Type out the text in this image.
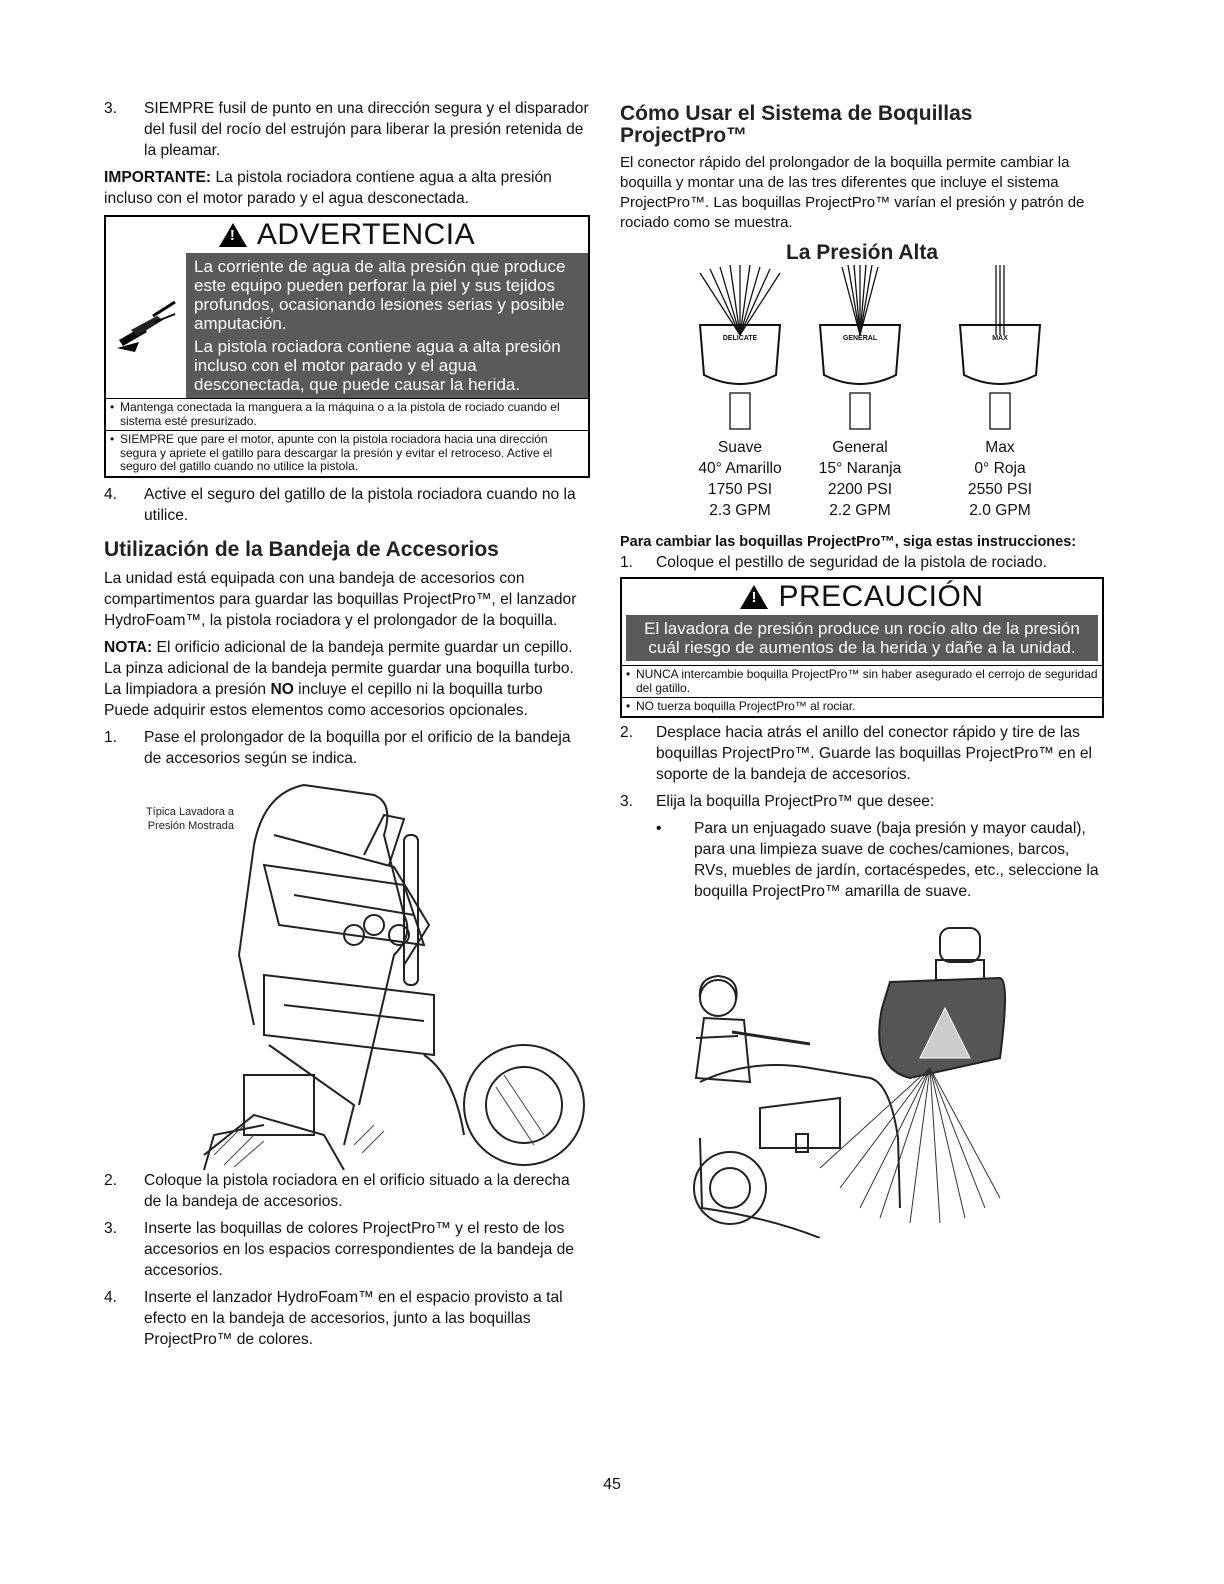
3. SIEMPRE fusil de punto en una dirección segura y el disparador del fusil del rocío del estrujón para liberar la presión retenida de la pleamar.

IMPORTANTE: La pistola rociadora contiene agua a alta presión incluso con el motor parado y el agua desconectada.

!
ADVERTENCIA
La corriente de agua de alta presión que produce este equipo pueden perforar la piel y sus tejidos profundos, ocasionando lesiones serias y posible amputación.
La pistola rociadora contiene agua a alta presión incluso con el motor parado y el agua desconectada, que puede causar la herida.
• Mantenga conectada la manguera a la máquina o a la pistola de rociado cuando el sistema esté presurizado.
• SIEMPRE que pare el motor, apunte con la pistola rociadora hacia una dirección segura y apriete el gatillo para descargar la presión y evitar el retroceso. Active el seguro del gatillo cuando no utilice la pistola.
4. Active el seguro del gatillo de la pistola rociadora cuando no la utilice.
Utilización de la Bandeja de Accesorios

La unidad está equipada con una bandeja de accesorios con compartimentos para guardar las boquillas ProjectPro™, el lanzador HydroFoam™, la pistola rociadora y el prolongador de la boquilla.

NOTA: El orificio adicional de la bandeja permite guardar un cepillo. La pinza adicional de la bandeja permite guardar una boquilla turbo. La limpiadora a presión NO incluye el cepillo ni la boquilla turbo Puede adquirir estos elementos como accesorios opcionales.

1. Pase el prolongador de la boquilla por el orificio de la bandeja de accesorios según se indica.
Típica Lavadora a Presión Mostrada
2. Coloque la pistola rociadora en el orificio situado a la derecha de la bandeja de accesorios.
3. Inserte las boquillas de colores ProjectPro™ y el resto de los accesorios en los espacios correspondientes de la bandeja de accesorios.
4. Inserte el lanzador HydroFoam™ en el espacio provisto a tal efecto en la bandeja de accesorios, junto a las boquillas ProjectPro™ de colores.
Cómo Usar el Sistema de Boquillas ProjectPro™

El conector rápido del prolongador de la boquilla permite cambiar la boquilla y montar una de las tres diferentes que incluye el sistema ProjectPro™. Las boquillas ProjectPro™ varían el presión y patrón de rociado como se muestra.

La Presión Alta
DELICATE	GENERAL	MAX
Suave
40° Amarillo
1750 PSI
2.3 GPM
General
15° Naranja
2200 PSI
2.2 GPM
Max
0° Roja
2550 PSI
2.0 GPM

Para cambiar las boquillas ProjectPro™, siga estas instrucciones:

1. Coloque el pestillo de seguridad de la pistola de rociado.
!
PRECAUCIÓN
El lavadora de presión produce un rocío alto de la presión cuál riesgo de aumentos de la herida y dañe a la unidad.
• NUNCA intercambie boquilla ProjectPro™ sin haber asegurado el cerrojo de seguridad del gatillo.
• NO tuerza boquilla ProjectPro™ al rociar.
2. Desplace hacia atrás el anillo del conector rápido y tire de las boquillas ProjectPro™. Guarde las boquillas ProjectPro™ en el soporte de la bandeja de accesorios.
3. Elija la boquilla ProjectPro™ que desee:
• Para un enjuagado suave (baja presión y mayor caudal), para una limpieza suave de coches/camiones, barcos, RVs, muebles de jardín, cortacéspedes, etc., seleccione la boquilla ProjectPro™ amarilla de suave.
45
